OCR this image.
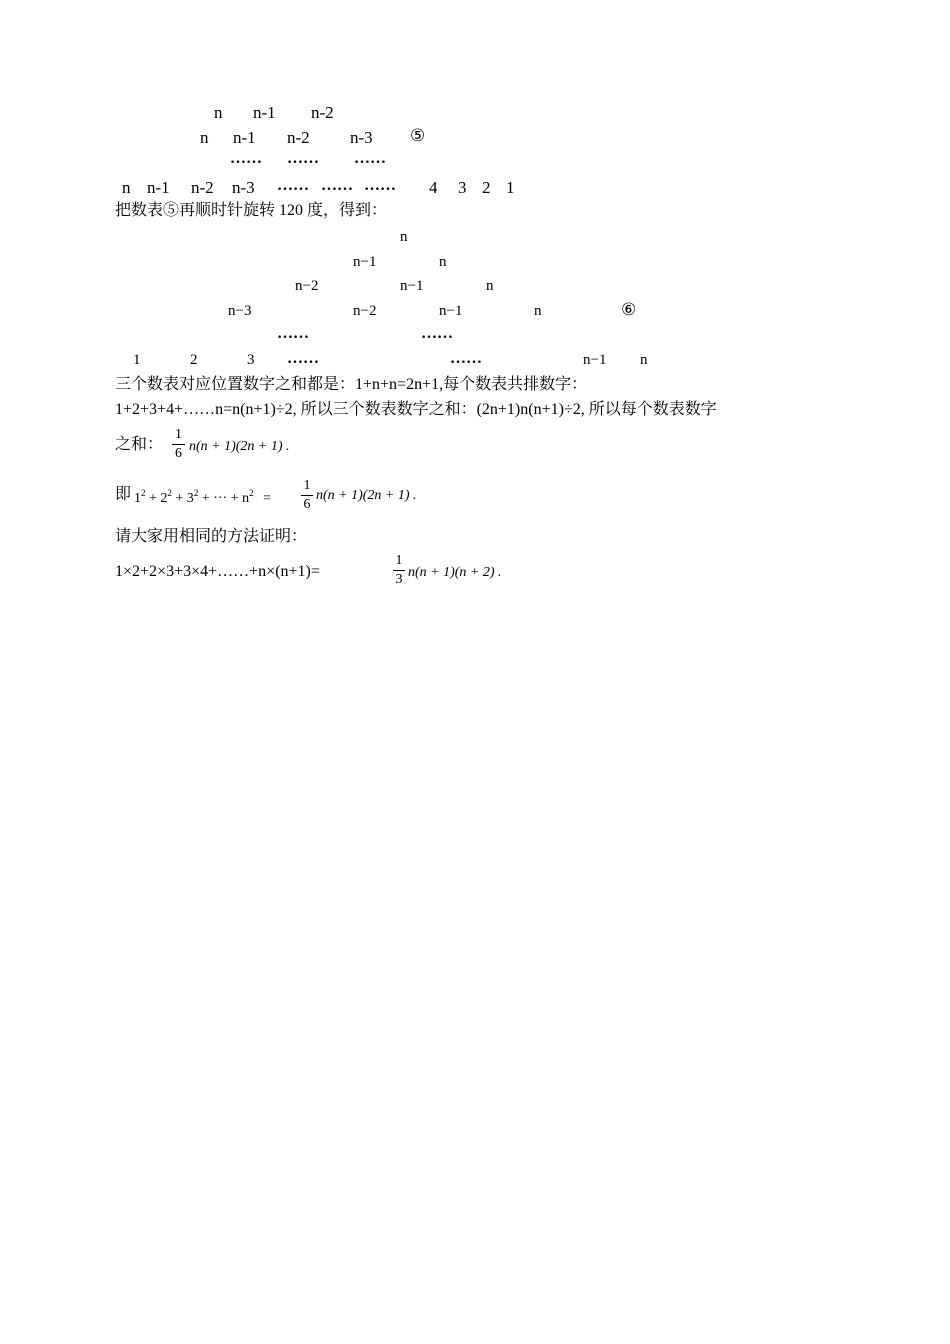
n n-1 n-2
n n-1 n-2 n-3 ⑤
…… …… ……
n n-1 n-2 n-3 …… …… …… 4 3 2 1
把数表⑤再顺时针旋转 120 度，得到：
n
n−1	n
n−2	n−1	n
n−3	n−2	n−1	n	⑥
……	……
1	2	3 ……	……	n−1 n
三个数表对应位置数字之和都是：1+n+n=2n+1,每个数表共排数字：
1+2+3+4+……n=n(n+1)÷2, 所以三个数表数字之和：(2n+1)n(n+1)÷2, 所以每个数表数字
之和：
1
6 n(n + 1)(2n + 1) .
即 $1^2 + 2^2 + 3^2$ + ··· + $n^2$ =
1
6
n(n + 1)(2n + 1) .
请大家用相同的方法证明：
1×2+2×3+3×4+……+n×(n+1)=
1
3 n(n + 1)(n + 2) .
